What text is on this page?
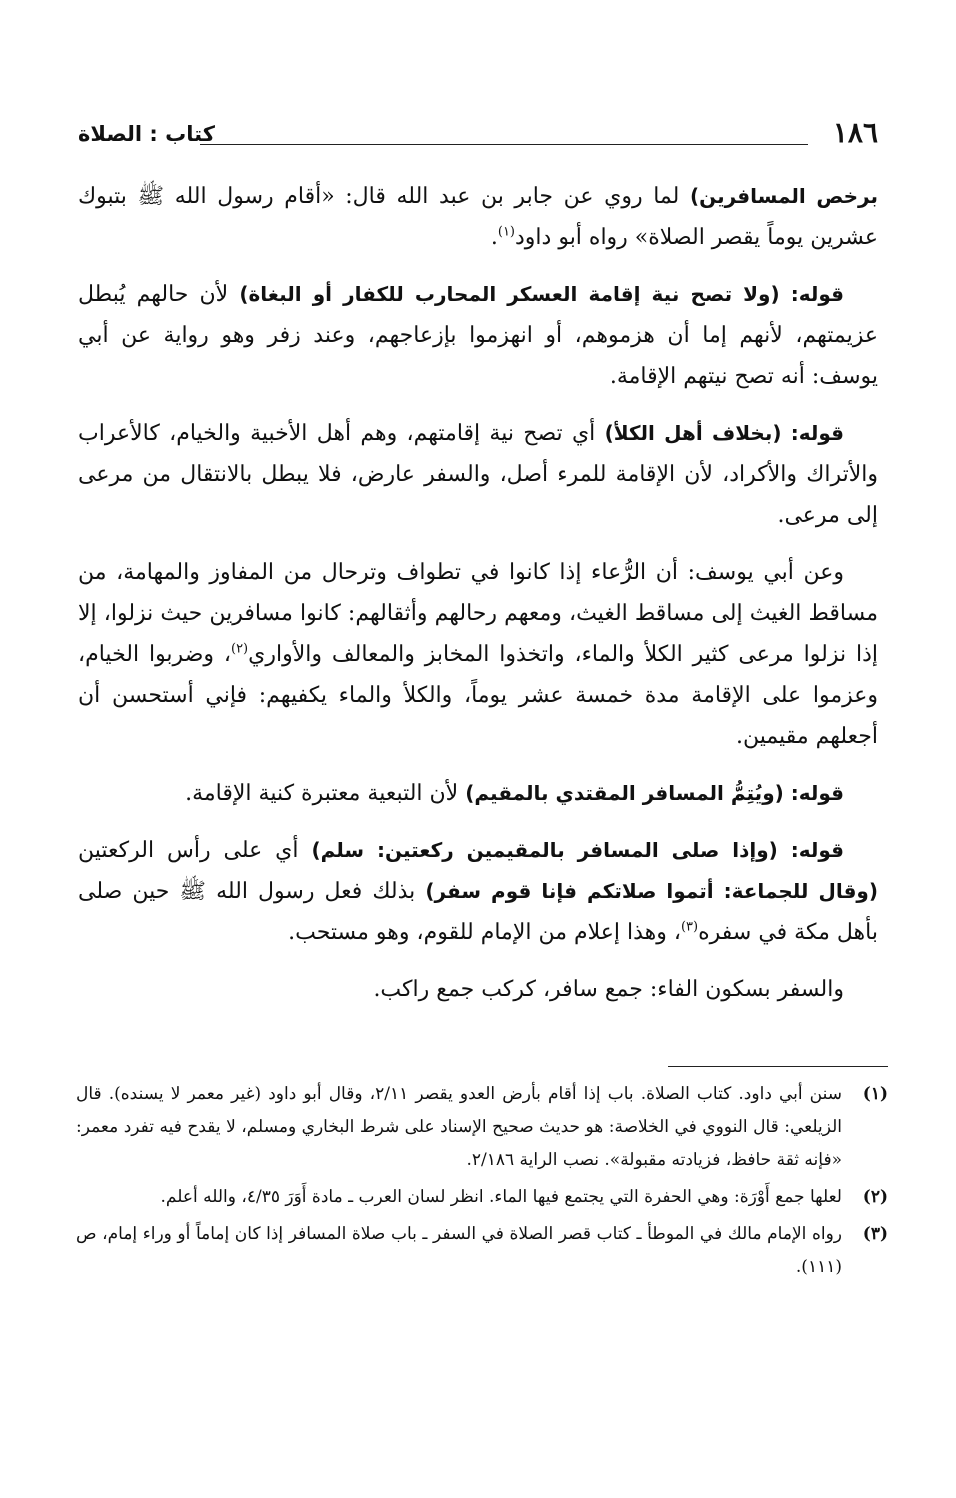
١٨٦
كتاب : الصلاة

برخص المسافرين) لما روي عن جابر بن عبد الله قال: «أقام رسول الله ﷺ بتبوك عشرين يوماً يقصر الصلاة» رواه أبو داود$^{(١)}$.

قوله: (ولا تصح نية إقامة العسكر المحارب للكفار أو البغاة) لأن حالهم يُبطل عزيمتهم، لأنهم إما أن هزموهم، أو انهزموا بإزعاجهم، وعند زفر وهو رواية عن أبي يوسف: أنه تصح نيتهم الإقامة.

قوله: (بخلاف أهل الكلأ) أي تصح نية إقامتهم، وهم أهل الأخبية والخيام، كالأعراب والأتراك والأكراد، لأن الإقامة للمرء أصل، والسفر عارض، فلا يبطل بالانتقال من مرعى إلى مرعى.

وعن أبي يوسف: أن الرُّعاء إذا كانوا في تطواف وترحال من المفاوز والمهامة، من مساقط الغيث إلى مساقط الغيث، ومعهم رحالهم وأثقالهم: كانوا مسافرين حيث نزلوا، إلا إذا نزلوا مرعى كثير الكلأ والماء، واتخذوا المخابز والمعالف والأواري$^{(٢)}$، وضربوا الخيام، وعزموا على الإقامة مدة خمسة عشر يوماً، والكلأ والماء يكفيهم: فإني أستحسن أن أجعلهم مقيمين.

قوله: (ويُتِمُّ المسافر المقتدي بالمقيم) لأن التبعية معتبرة كنية الإقامة.

قوله: (وإذا صلى المسافر بالمقيمين ركعتين: سلم) أي على رأس الركعتين (وقال للجماعة: أتموا صلاتكم فإنا قوم سفر) بذلك فعل رسول الله ﷺ حين صلى بأهل مكة في سفره$^{(٣)}$، وهذا إعلام من الإمام للقوم، وهو مستحب.

والسفر بسكون الفاء: جمع سافر، كركب جمع راكب.

(١)
سنن أبي داود. كتاب الصلاة. باب إذا أقام بأرض العدو يقصر ٢/١١، وقال أبو داود (غير معمر لا يسنده). قال الزيلعي: قال النووي في الخلاصة: هو حديث صحيح الإسناد على شرط البخاري ومسلم، لا يقدح فيه تفرد معمر: «فإنه ثقة حافظ، فزيادته مقبولة». نصب الراية ٢/١٨٦.
(٢)
لعلها جمع أَوْرَة: وهي الحفرة التي يجتمع فيها الماء. انظر لسان العرب ـ مادة أَوَرَ ٤/٣٥، والله أعلم.
(٣)
رواه الإمام مالك في الموطأ ـ كتاب قصر الصلاة في السفر ـ باب صلاة المسافر إذا كان إماماً أو وراء إمام، ص (١١١).
